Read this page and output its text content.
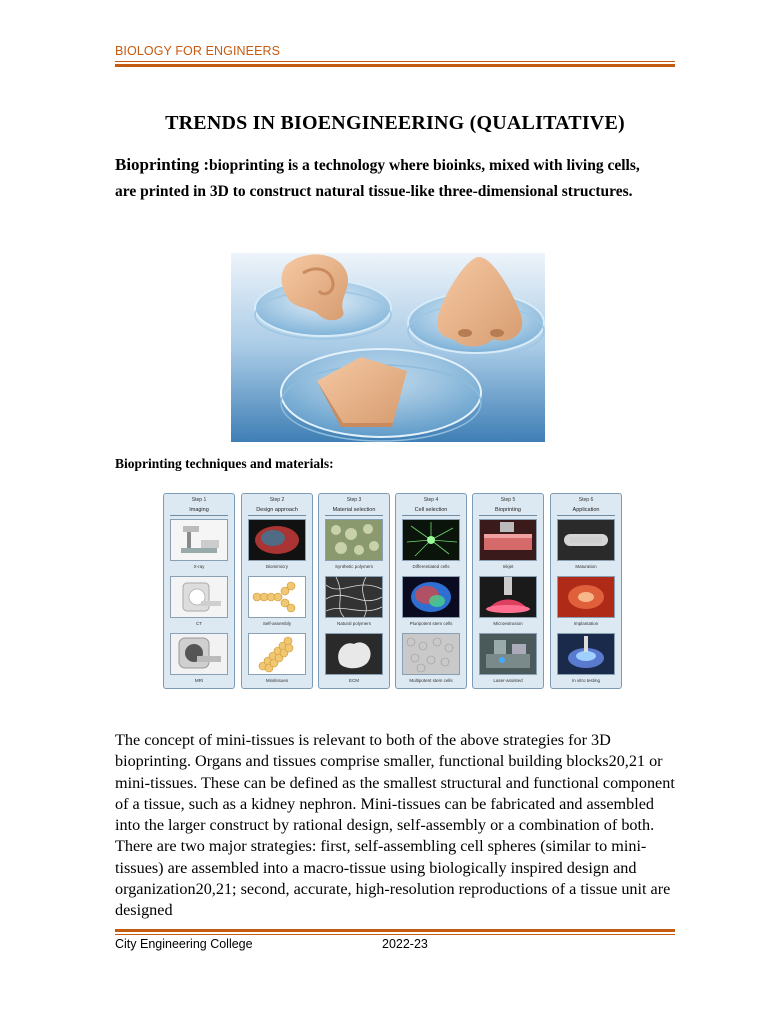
BIOLOGY FOR ENGINEERS
TRENDS IN BIOENGINEERING (QUALITATIVE)
Bioprinting :bioprinting is a technology where bioinks, mixed with living cells, are printed in 3D to construct natural tissue-like three-dimensional structures.
Bioprinting techniques and materials:
Step 1
Imaging
X-ray
CT
MRI
Step 2
Design approach
Biomimicry
Self-assembly
Minitissues
Step 3
Material selection
Synthetic polymers
Natural polymers
ECM
Step 4
Cell selection
Differentiated cells
Pluripotent stem cells
Multipotent stem cells
Step 5
Bioprinting
Inkjet
Microextrusion
Laser-assisted
Step 6
Application
Maturation
Implantation
In vitro testing

The concept of mini-tissues is relevant to both of the above strategies for 3D bioprinting. Organs and tissues comprise smaller, functional building blocks20,21 or mini-tissues. These can be defined as the smallest structural and functional component of a tissue, such as a kidney nephron. Mini-tissues can be fabricated and assembled into the larger construct by rational design, self-assembly or a combination of both. There are two major strategies: first, self-assembling cell spheres (similar to mini-tissues) are assembled into a macro-tissue using biologically inspired design and organization20,21; second, accurate, high-resolution reproductions of a tissue unit are designed

City Engineering College	2022-23
